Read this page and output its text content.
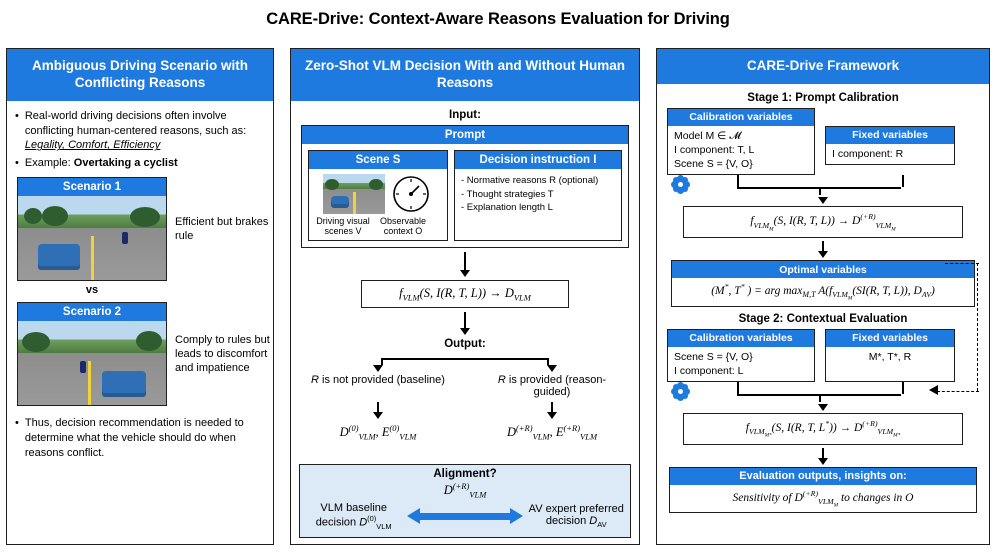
CARE-Drive: Context-Aware Reasons Evaluation for Driving
Ambiguous Driving Scenario with Conflicting Reasons
• Real-world driving decisions often involve conflicting human-centered reasons, such as: Legality, Comfort, Efficiency
• Example: Overtaking a cyclist
Scenario 1
Efficient but brakes rule
vs
Scenario 2
Comply to rules but leads to discomfort and impatience
• Thus, decision recommendation is needed to determine what the vehicle should do when reasons conflict.
Zero-Shot VLM Decision With and Without Human Reasons
Input:
Prompt
Scene S
Driving visual scenes V
Observable context O
Decision instruction I
- Normative reasons R (optional)
- Thought strategies T
- Explanation length L
$f_{VLM}(S$, I(R, T, $L)) \to D_{VLM}$
Output:
R is not provided (baseline)	R is provided (reason-guided)
$D^{(0)}_{VLM}$, $E^{(0)}_{VLM}$	$D^{(+R)}_{VLM}$, $E^{(+R)}_{VLM}$
Alignment?
$D^{(+R)}_{VLM}$
VLM baseline
decision $D^{(0)}_{VLM}$
AV expert preferred
decision $D_{AV}$
CARE-Drive Framework
Stage 1: Prompt Calibration
Calibration variables
Model M ∈ 𝓜
I component: T, L
Scene S = {V, O}
Fixed variables
I component: R
$f_{VLM_M}(S$, I(R, T, $L)) \to D^{(+R)}_{VLM_M}$
Optimal variables
(M*, T* ) = arg $\max_{M,T} A(f_{VLM_M}(SI(R$, T, L)), $D_{AV}$)
Stage 2: Contextual Evaluation
Calibration variables
Scene S = {V, O}
I component: L
Fixed variables
M*, T*, R
$f_{VLM_{M*}}(S$, I(R, T, $L^*)) \to D^{(+R)}_{VLM_{M*}}$
Evaluation outputs, insights on:
Sensitivity of $D^{(+R)}_{VLM_M}$ to changes in O
